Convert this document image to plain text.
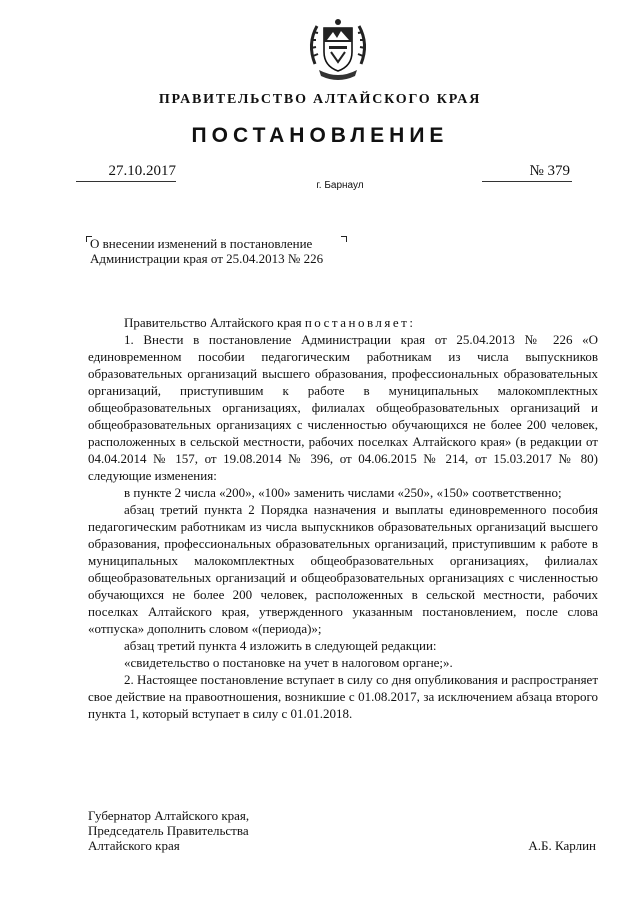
ПРАВИТЕЛЬСТВО АЛТАЙСКОГО КРАЯ
ПОСТАНОВЛЕНИЕ
27.10.2017	№ 379
г. Барнаул
О внесении изменений в постановление
Администрации края от 25.04.2013 № 226

Правительство Алтайского края постановляет:

1. Внести в постановление Администрации края от 25.04.2013 № 226 «О единовременном пособии педагогическим работникам из числа выпускников образовательных организаций высшего образования, профессиональных образовательных организаций, приступившим к работе в муниципальных малокомплектных общеобразовательных организациях, филиалах общеобразовательных организаций и общеобразовательных организациях с численностью обучающихся не более 200 человек, расположенных в сельской местности, рабочих поселках Алтайского края» (в редакции от 04.04.2014 № 157, от 19.08.2014 № 396, от 04.06.2015 № 214, от 15.03.2017 № 80) следующие изменения:

в пункте 2 числа «200», «100» заменить числами «250», «150» соответственно;

абзац третий пункта 2 Порядка назначения и выплаты единовременного пособия педагогическим работникам из числа выпускников образовательных организаций высшего образования, профессиональных образовательных организаций, приступившим к работе в муниципальных малокомплектных общеобразовательных организациях, филиалах общеобразовательных организаций и общеобразовательных организациях с численностью обучающихся не более 200 человек, расположенных в сельской местности, рабочих поселках Алтайского края, утвержденного указанным постановлением, после слова «отпуска» дополнить словом «(периода)»;

абзац третий пункта 4 изложить в следующей редакции:

«свидетельство о постановке на учет в налоговом органе;».

2. Настоящее постановление вступает в силу со дня опубликования и распространяет свое действие на правоотношения, возникшие с 01.08.2017, за исключением абзаца второго пункта 1, который вступает в силу с 01.01.2018.

Губернатор Алтайского края,
Председатель Правительства
Алтайского края	А.Б. Карлин
